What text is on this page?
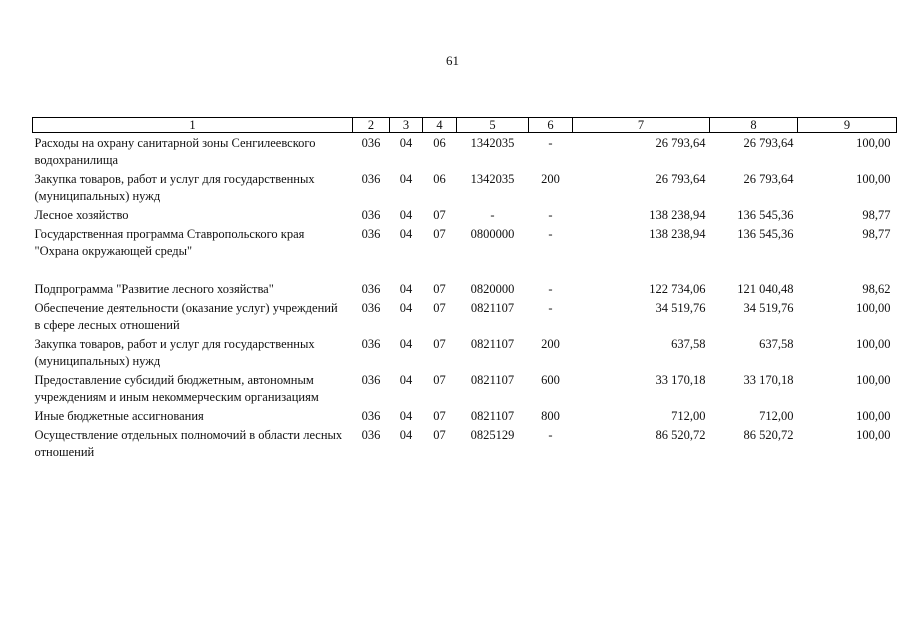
61
1	2	3	4	5	6	7	8	9
Расходы на охрану санитарной зоны Сенгилеевского водохранилища	036	04	06	1342035	-	26 793,64	26 793,64	100,00
Закупка товаров, работ и услуг для государственных (муниципальных) нужд	036	04	06	1342035	200	26 793,64	26 793,64	100,00
Лесное хозяйство	036	04	07	-	-	138 238,94	136 545,36	98,77
Государственная программа Ставропольского края "Охрана окружающей среды"	036	04	07	0800000	-	138 238,94	136 545,36	98,77
Подпрограмма "Развитие лесного хозяйства"	036	04	07	0820000	-	122 734,06	121 040,48	98,62
Обеспечение деятельности (оказание услуг) учреждений в сфере лесных отношений	036	04	07	0821107	-	34 519,76	34 519,76	100,00
Закупка товаров, работ и услуг для государственных (муниципальных) нужд	036	04	07	0821107	200	637,58	637,58	100,00
Предоставление субсидий бюджетным, автономным учреждениям и иным некоммерческим организациям	036	04	07	0821107	600	33 170,18	33 170,18	100,00
Иные бюджетные ассигнования	036	04	07	0821107	800	712,00	712,00	100,00
Осуществление отдельных полномочий в области лесных отношений	036	04	07	0825129	-	86 520,72	86 520,72	100,00
